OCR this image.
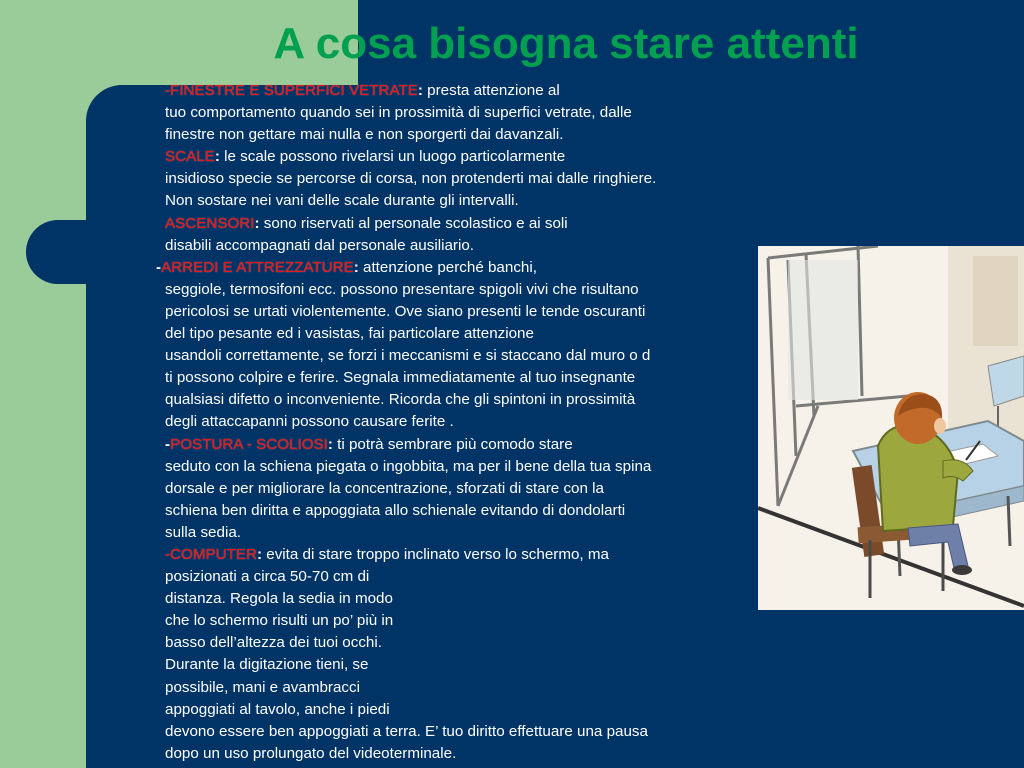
A cosa bisogna stare attenti

-FINESTRE E SUPERFICI VETRATE: presta attenzione al

tuo comportamento quando sei in prossimità di superfici vetrate, dalle

finestre non gettare mai nulla e non sporgerti dai davanzali.

SCALE: le scale possono rivelarsi un luogo particolarmente

insidioso specie se percorse di corsa, non protenderti mai dalle ringhiere.

Non sostare nei vani delle scale durante gli intervalli.

ASCENSORI: sono riservati al personale scolastico e ai soli

disabili accompagnati dal personale ausiliario.

-ARREDI E ATTREZZATURE: attenzione perché banchi,

seggiole, termosifoni ecc. possono presentare spigoli vivi che risultano

pericolosi se urtati violentemente. Ove siano presenti le tende oscuranti

del tipo pesante ed i vasistas, fai particolare attenzione

usandoli correttamente, se forzi i meccanismi e si staccano dal muro o d

ti possono colpire e ferire. Segnala immediatamente al tuo insegnante

qualsiasi difetto o inconveniente. Ricorda che gli spintoni in prossimità

degli attaccapanni possono causare ferite .

-POSTURA - SCOLIOSI: ti potrà sembrare più comodo stare

seduto con la schiena piegata o ingobbita, ma per il bene della tua spina

dorsale e per migliorare la concentrazione, sforzati di stare con la

schiena ben diritta e appoggiata allo schienale evitando di dondolarti

sulla sedia.

-COMPUTER: evita di stare troppo inclinato verso lo schermo, ma

posizionati a circa 50-70 cm di

distanza. Regola la sedia in modo

che lo schermo risulti un po’ più in

basso dell’altezza dei tuoi occhi.

Durante la digitazione tieni, se

possibile, mani e avambracci

appoggiati al tavolo, anche i piedi

devono essere ben appoggiati a terra. E’ tuo diritto effettuare una pausa

dopo un uso prolungato del videoterminale.
